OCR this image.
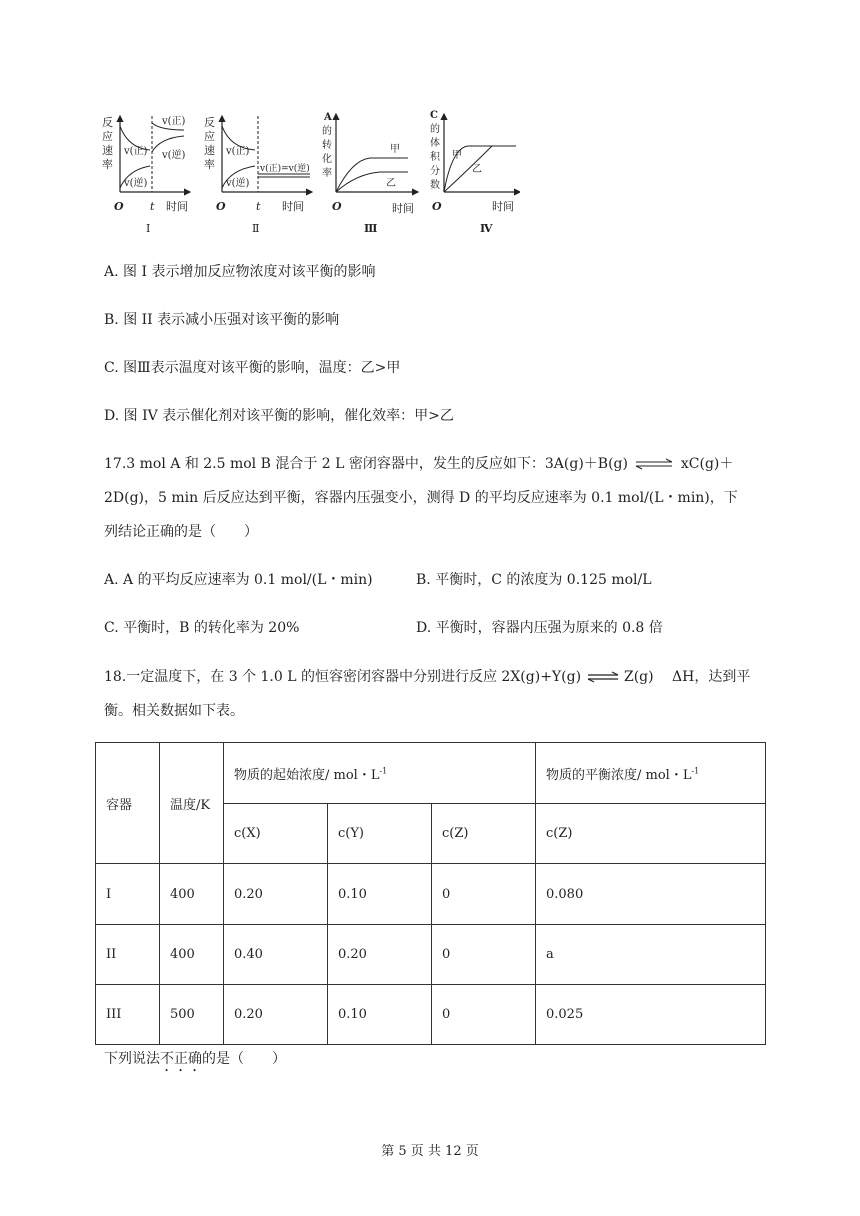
反
应
速
率
v(正)
v(逆)
v(正)
v(逆)
O t 时间
Ⅰ
反
应
速
率
v(正)
v(逆)
v(正)=v(逆)
O	t 时间
Ⅱ
A
的
转
化
率
甲
乙
O	时间
Ⅲ
C
的
体
积
分
数
甲
乙
O	时间
Ⅳ
A. 图 I 表示增加反应物浓度对该平衡的影响
B. 图 II 表示减小压强对该平衡的影响
C. 图Ⅲ表示温度对该平衡的影响，温度：乙>甲
D. 图 IV 表示催化剂对该平衡的影响，催化效率：甲>乙
17.3 mol A 和 2.5 mol B 混合于 2 L 密闭容器中，发生的反应如下：3A(g)＋B(g) ⇌ xC(g)＋
2D(g)，5 min 后反应达到平衡，容器内压强变小，测得 D 的平均反应速率为 0.1 mol/(L・min)，下
列结论正确的是（　　）
A. A 的平均反应速率为 0.1 mol/(L・min)	B. 平衡时，C 的浓度为 0.125 mol/L
C. 平衡时，B 的转化率为 20%	D. 平衡时，容器内压强为原来的 0.8 倍
18.一定温度下，在 3 个 1.0 L 的恒容密闭容器中分别进行反应 2X(g)+Y(g) ⇌ Z(g)　 ΔH，达到平
衡。相关数据如下表。
容器	温度/K	物质的起始浓度/ mol・$L^{-1}$			物质的平衡浓度/ mol・$L^{-1}$
		c(X)	c(Y)	c(Z)	c(Z)
I	400	0.20	0.10	0	0.080
II	400	0.40	0.20	0	a
III	500	0.20	0.10	0	0.025
下列说法不正确的是（　　）
第 5 页 共 12 页
